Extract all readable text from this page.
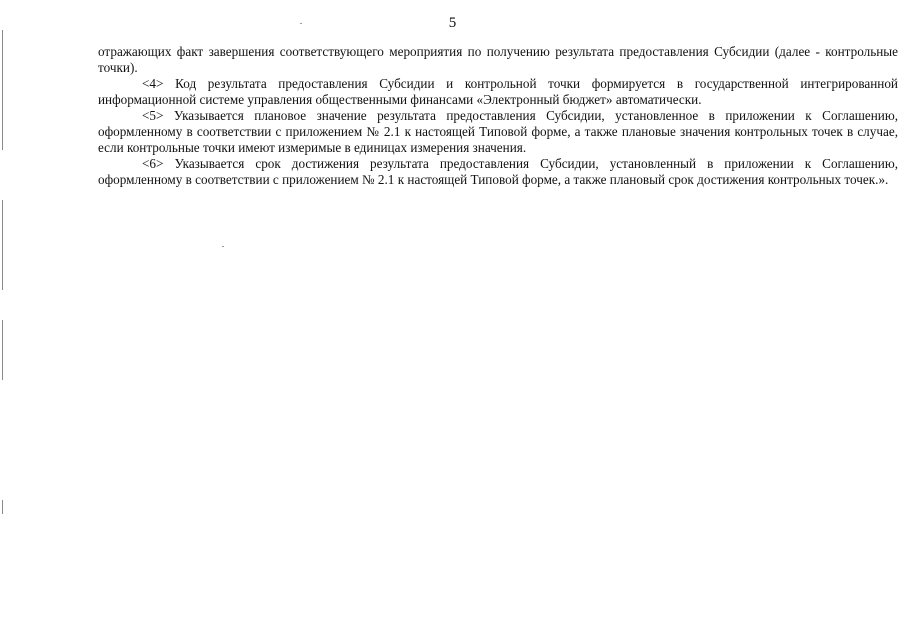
5

отражающих факт завершения соответствующего мероприятия по получению результата предоставления Субсидии (далее - контрольные точки).

<4> Код результата предоставления Субсидии и контрольной точки формируется в государственной интегрированной информационной системе управления общественными финансами «Электронный бюджет» автоматически.

<5> Указывается плановое значение результата предоставления Субсидии, установленное в приложении к Соглашению, оформленному в соответствии с приложением № 2.1 к настоящей Типовой форме, а также плановые значения контрольных точек в случае, если контрольные точки имеют измеримые в единицах измерения значения.

<6> Указывается срок достижения результата предоставления Субсидии, установленный в приложении к Соглашению, оформленному в соответствии с приложением № 2.1 к настоящей Типовой форме, а также плановый срок достижения контрольных точек.».
